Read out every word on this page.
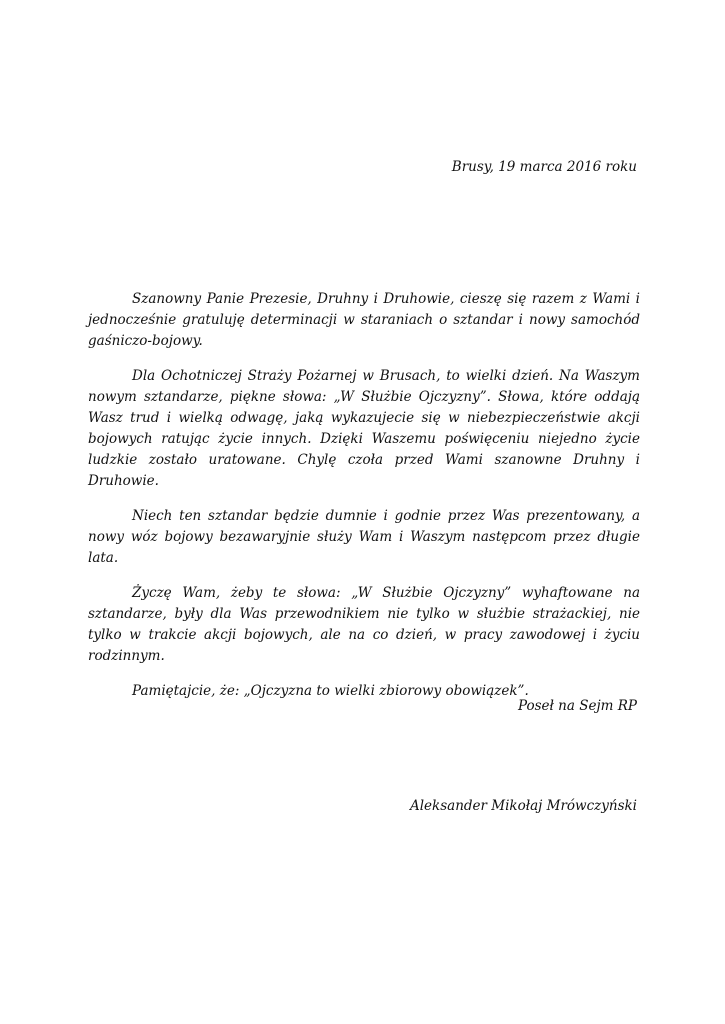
Brusy, 19 marca 2016 roku

Szanowny Panie Prezesie, Druhny i Druhowie, cieszę się razem z Wami i jednocześnie gratuluję determinacji w staraniach o sztandar i nowy samochód gaśniczo-bojowy.

Dla Ochotniczej Straży Pożarnej w Brusach, to wielki dzień. Na Waszym nowym sztandarze, piękne słowa: „W Służbie Ojczyzny”. Słowa, które oddają Wasz trud i wielką odwagę, jaką wykazujecie się w niebezpieczeństwie akcji bojowych ratując życie innych. Dzięki Waszemu poświęceniu niejedno życie ludzkie zostało uratowane. Chylę czoła przed Wami szanowne Druhny i Druhowie.

Niech ten sztandar będzie dumnie i godnie przez Was prezentowany, a nowy wóz bojowy bezawaryjnie służy Wam i Waszym następcom przez długie lata.

Życzę Wam, żeby te słowa: „W Służbie Ojczyzny” wyhaftowane na sztandarze, były dla Was przewodnikiem nie tylko w służbie strażackiej, nie tylko w trakcie akcji bojowych, ale na co dzień, w pracy zawodowej i życiu rodzinnym.

Pamiętajcie, że: „Ojczyzna to wielki zbiorowy obowiązek”.

Poseł na Sejm RP
Aleksander Mikołaj Mrówczyński
